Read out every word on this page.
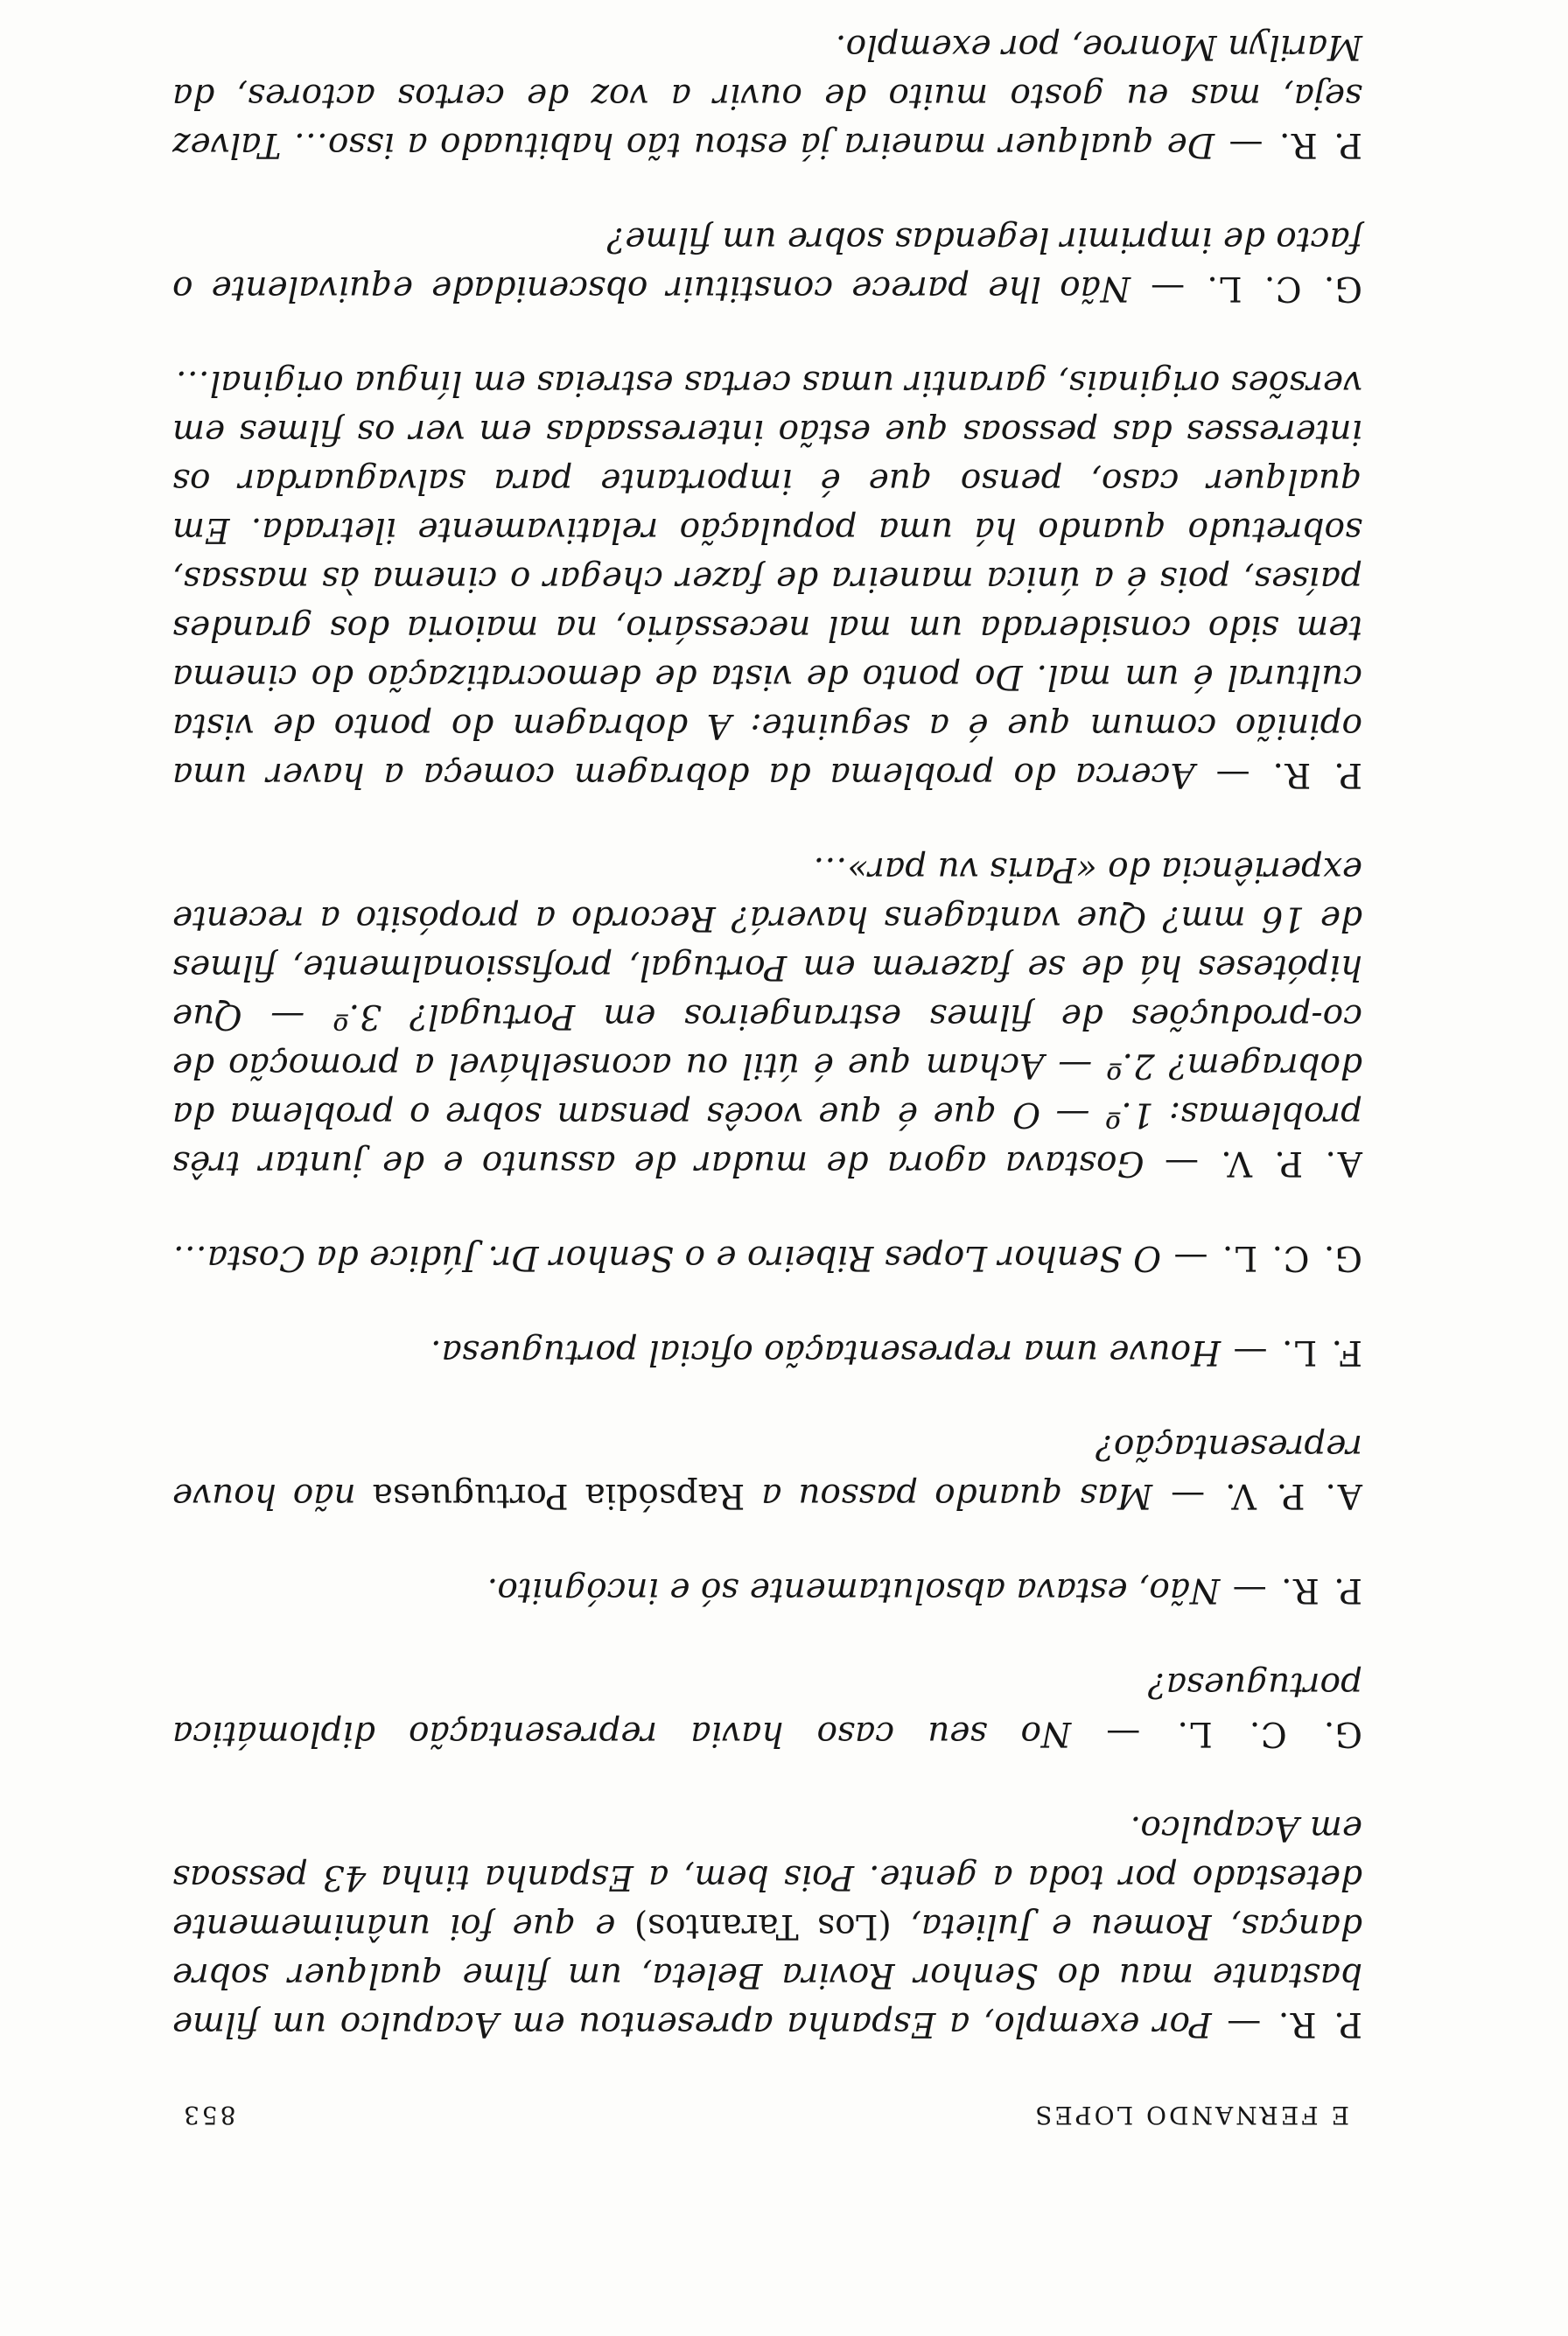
E FERNANDO LOPES
853

P. R. — Por exemplo, a Espanha apresentou em Acapulco um filme bastante mau do Senhor Rovira Beleta, um filme qualquer sobre danças, Romeu e Julieta, (Los Tarantos) e que foi unânimemente detestado por toda a gente. Pois bem, a Espanha tinha 43 pessoas em Acapulco.

G. C. L. — No seu caso havia representação diplomática portuguesa?

P. R. — Não, estava absolutamente só e incógnito.

A. P. V. — Mas quando passou a Rapsódia Portuguesa não houve representação?

F. L. — Houve uma representação oficial portuguesa.

G. C. L. — O Senhor Lopes Ribeiro e o Senhor Dr. Júdice da Costa…

A. P. V. — Gostava agora de mudar de assunto e de juntar três problemas: 1.º — O que é que vocês pensam sobre o problema da dobragem? 2.º — Acham que é útil ou aconselhável a promoção de co-produções de filmes estrangeiros em Portugal? 3.º — Que hipóteses há de se fazerem em Portugal, profissionalmente, filmes de 16 mm? Que vantagens haverá? Recordo a propósito a recente experiência do «Paris vu par»…

P. R. — Acerca do problema da dobragem começa a haver uma opinião comum que é a seguinte: A dobragem do ponto de vista cultural é um mal. Do ponto de vista de democratização do cinema tem sido considerada um mal necessário, na maioria dos grandes países, pois é a única maneira de fazer chegar o cinema às massas, sobretudo quando há uma população relativamente iletrada. Em qualquer caso, penso que é importante para salvaguardar os interesses das pessoas que estão interessadas em ver os filmes em versões originais, garantir umas certas estreias em língua original…

G. C. L. — Não lhe parece constituir obscenidade equivalente o facto de imprimir legendas sobre um filme?

P. R. — De qualquer maneira já estou tão habituado a isso… Talvez seja, mas eu gosto muito de ouvir a voz de certos actores, da Marilyn Monroe, por exemplo.
